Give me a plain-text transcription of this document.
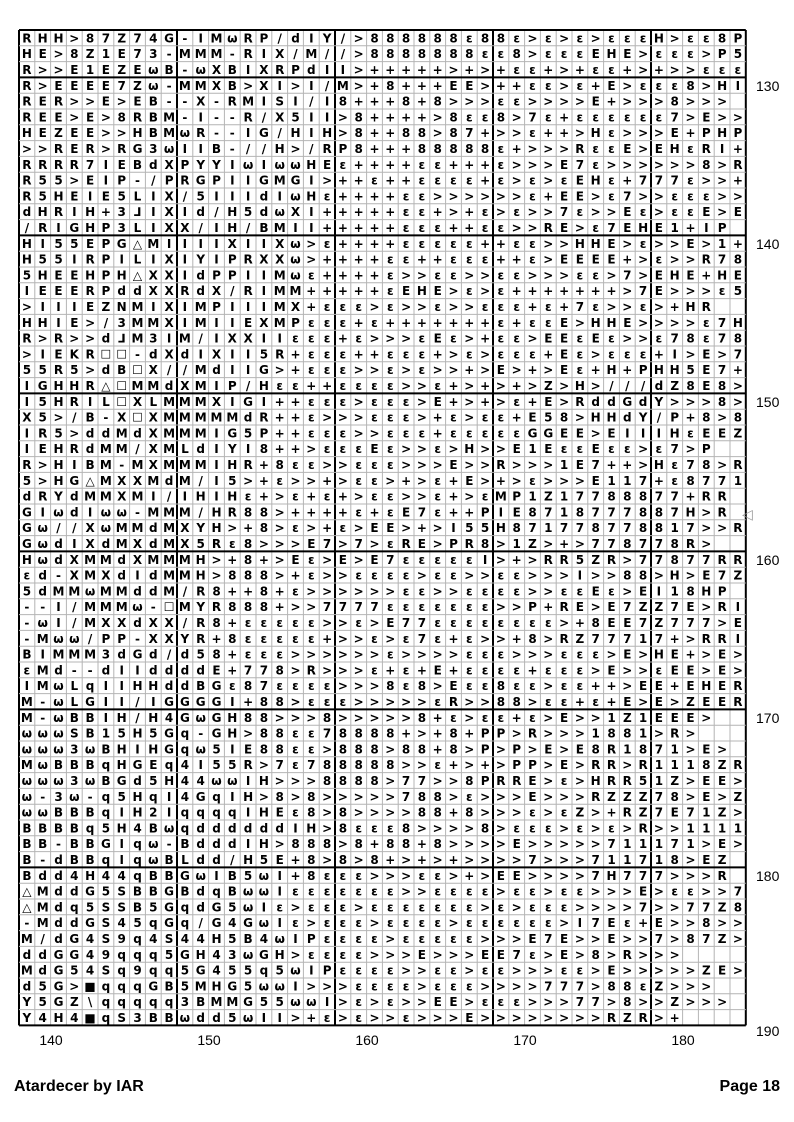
R H H > 8 7 Z 7 4 G - I M ω R P / d I Y / > 8 8 8 8 8 8 ε 8 8 ε > ε > ε > ε ε ε H > ε ε 8 P
H E > 8 Z 1 E 7 3 - M M M - R I X / M / / > 8 8 8 8 8 8 8 ε ε 8 > ε ε ε E H E > ε ε ε > P 5
R > > E 1 E Z E ω B - ω X B I X R P d I I > + + + + + > + > + ε ε + > + ε ε + > + > > ε ε ε
R > E E E E 7 Z ω - M M X B > X I > I / M > + 8 + + + E E > + + ε ε > ε + E > ε ε ε 8 > H I
R E R > > E > E B - - X - R M I S I / I 8 + + + 8 + 8 > > > ε ε > > > > E + > > > 8 > > >
R E E > E > 8 R B M - I - - R / X 5 I I > 8 + + + + > 8 ε ε 8 > 7 ε + ε ε ε ε ε ε 7 > E > >
H E Z E E > > H B M ω R - - I G / H I H > 8 + + 8 8 > 8 7 + > > ε + + > H ε > > > E + P H P
> > R E R > R G 3 ω I I B - / / H > / R P 8 + + + 8 8 8 8 8 ε + > > > R ε ε E > E H ε R I +
R R R R 7 I E B d X P Y Y I ω I ω ω H E ε + + + + ε ε + + + ε > > > E 7 ε > > > > > > 8 > R
R 5 5 > E I P - / P R G P I I G M G I > + + ε + + ε ε ε ε + ε > ε > ε E H ε + 7 7 7 ε > > +
R 5 H E I E 5 L I X / 5 I I I d I ω H ε + + + + ε ε > > > > > > ε + E E > ε 7 > > ε ε ε > >
d H R I H + 3 ⅃ I X I d / H 5 d ω X I + + + + + ε ε + > + ε > ε > > 7 ε > > E ε > ε ε E > E
/ R I G H P 3 L I X X / I H / B M I I + + + + + ε ε ε + + ε ε > > R E > ε 7 E H E 1 + I P
H I 5 5 E P G △ M I I I I X I I X ω > ε + + + + ε ε ε ε ε + + ε ε > > H H E > ε > > E > 1 +
H 5 5 I R P I L I X I Y I P R X X ω > + + + + ε ε + + ε ε ε + + ε > E E E E + > ε > > R 7 8
5 H E E H P H △ X X I d P P I I M ω ε + + + + ε > > ε ε > > ε ε > > > ε ε > 7 > E H E + H E
I E E E R P d d X X R d X / R I M M + + + + + ε E H E > ε > ε + + + + + + + > 7 E > > > ε 5
> I I I E Z N M I X I M P I I I M X + ε ε ε > ε > > ε > > ε ε ε + ε + 7 ε > > ε > + H R
H H I E > / 3 M M X I M I I E X M P ε ε ε + ε + + + + + + + ε + ε ε E > H H E > > > > ε 7 H
R > R > > d ⅃ M 3 I M / I X X I I ε ε ε + ε > > > ε E ε > + ε ε > E E ε E ε > > ε 7 8 ε 7 8
> I E K R ☐ ☐ - d X d I X I I 5 R + ε ε ε + + ε ε ε + > ε > ε ε ε + E ε > ε ε ε + I > E > 7
5 5 R 5 > d B ☐ X / / M d I I G > + ε ε ε > > ε > ε > > + > E > + > E ε + H + P H H 5 E 7 +
I G H H R △ ☐ M M d X M I P / H ε ε + + ε ε ε ε > > ε + > + > + > Z > H > / / / d Z 8 E 8 >
I 5 H R I L ☐ X L M M M X I G I + + ε ε ε > ε ε ε > E + > + > ε + E > R d d G d Y > > > 8 >
X 5 > / B - X ☐ X M M M M M d R + + ε > > > ε ε ε > + ε > ε ε + E 5 8 > H H d Y / P + 8 > 8
I R 5 > d d M d X M M M I G 5 P + + ε ε ε > > ε ε ε + ε ε ε ε ε G G E E > E I I I H ε E E Z
I E H R d M M / X M L d I Y I 8 + + > ε ε ε E ε > > ε > H > > E 1 E ε ε E ε ε > ε 7 > P
R > H I B M - M X M M M I H R + 8 ε ε > > ε ε ε > > > E > > R > > > 1 E 7 + + > H ε 7 8 > R
5 > H G △ M X X M d M / I 5 > + ε > > + > ε ε > + > ε + E > + > ε > > > E 1 1 7 + ε 8 7 7 1
d R Y d M M X M I / I H I H ε + > ε + ε + > ε ε > > ε + > ε M P 1 Z 1 7 7 8 8 8 7 7 + R R
G I ω d I ω ω - M M M / H R 8 8 > + + + + ε + ε E 7 ε + + P I E 8 7 1 8 7 7 7 8 8 7 H > R
G ω / / X ω M M d M X Y H > + 8 > ε > + ε > E E > + > I 5 5 H 8 7 1 7 7 8 7 7 8 8 1 7 > > R
G ω d I X d M X d M X 5 R ε 8 > > > E 7 > 7 > ε R E > P R 8 > 1 Z > + > 7 7 8 7 7 8 R >
H ω d X M M d X M M M H > + 8 + > E ε > E > E 7 ε ε ε ε ε I > + > R R 5 Z R > 7 7 8 7 7 R R
ε d - X M X d I d M M H > 8 8 8 > + ε > > ε ε ε ε > ε ε > > ε ε > > > I > > 8 8 > H > E 7 Z
5 d M M ω M M d d M / R 8 + + 8 + ε > > > > > > ε ε > > ε ε ε ε > > ε ε E ε > E I 1 8 H P
- - I / M M M ω - ☐ M Y R 8 8 8 + > > 7 7 7 7 ε ε ε ε ε ε ε > > P + R E > E 7 Z Z 7 E > R I
- ω I / M X X d X X / R 8 + ε ε ε ε ε > > ε > E 7 7 ε ε ε ε ε ε ε ε > + 8 E E 7 Z 7 7 7 > E
- M ω ω / P P - X X Y R + 8 ε ε ε ε ε + > > ε > ε 7 ε + ε > > + 8 > R Z 7 7 7 1 7 + > R R I
B I M M M 3 d G d / d 5 8 + ε ε ε > > > > > > ε > > > > ε ε ε > > > ε ε ε > E > H E + > E >
ε M d - - d I I d d d d E + 7 7 8 > R > > > ε + ε + E + ε ε ε ε + ε ε ε > E > > ε E E > E >
I M ω L q I I H H d d B G ε 8 7 ε ε ε ε > > > 8 ε 8 > E ε ε 8 ε ε > ε ε + + > E E + E H E R
M - ω L G I I / I G G G G I + 8 8 > ε ε ε > > > > > ε R > > 8 8 > ε ε + ε + E > E > Z E E R
M - ω B B I H / H 4 G ω G H 8 8 > > > 8 > > > > > 8 + ε > ε ε + ε > E > > 1 Z 1 E E E >
ω ω ω S B 1 5 H 5 G q - G H > 8 8 ε ε 7 8 8 8 8 + > + 8 + P P > R > > > 1 8 8 1 > R >
ω ω ω 3 ω B H I H G q ω 5 I E 8 8 ε ε > 8 8 8 > 8 8 + 8 > P > P > E > E 8 R 1 8 7 1 > E >
M ω B B B q H G E q 4 I 5 5 R > 7 ε 7 8 8 8 8 8 > > ε + > + > P P > E > R R > R 1 1 1 8 Z R
ω ω ω 3 ω B G d 5 H 4 4 ω ω I H > > > 8 8 8 8 > 7 7 > > 8 P R R E > ε > H R R 5 1 Z > E E >
ω - 3 ω - q 5 H q I 4 G q I H > 8 > 8 > > > > > 7 8 8 > ε > > > E > > > R Z Z Z 7 8 > E > Z
ω ω B B B q I H 2 I q q q q I H E ε 8 > 8 > > > > 8 8 + 8 > > > ε > ε Z > + R Z 7 E 7 1 Z >
B B B B q 5 H 4 B ω q d d d d d d I H > 8 ε ε ε 8 > > > > 8 > ε ε ε > ε > ε > R > > 1 1 1 1
B B - B B G I q ω - B d d d I H > 8 8 8 > 8 + 8 8 + 8 > > > > E > > > > > 7 1 1 1 7 1 > E >
B - d B B q I q ω B L d d / H 5 E + 8 > 8 > 8 + > + > + > > > > 7 > > > 7 1 1 7 1 8 > E Z
B d d 4 H 4 4 q B B G ω I B 5 ω I + 8 ε ε ε > > > ε ε > + > E E > > > > 7 H 7 7 7 > > > R
△ M d d G 5 S B B G B d q B ω ω I ε ε ε ε ε ε ε > > ε ε ε ε > ε ε > ε ε > > > E > ε ε > > 7
△ M d q 5 S S B 5 G q d G 5 ω I ε > ε ε ε > ε ε ε ε ε ε ε > ε > ε ε ε > > > > 7 > > 7 7 Z 8
- M d d G S 4 5 q G q / G 4 G ω I ε > ε ε ε > ε ε ε ε > ε ε ε ε ε ε > I 7 E ε + E > > 8 > >
M / d G 4 S 9 q 4 S 4 4 H 5 B 4 ω I P ε ε ε ε > ε ε ε ε ε > > > E 7 E > > E > > 7 > 8 7 Z >
d d G G 4 9 q q q 5 G H 4 3 ω G H > ε ε ε ε > > > E > > > E E 7 ε > E > 8 > R > > >
M d G 5 4 S q 9 q q 5 G 4 5 5 q 5 ω I P ε ε ε ε > > ε ε > ε ε > > > ε ε > E > > > > > Z E >
d 5 G > ■ q q q G B 5 M H G 5 ω ω I > > > ε ε ε ε > ε ε ε > > > > 7 7 7 > 8 8 ε Z > > >
Y 5 G Z \ q q q q q 3 B M M G 5 5 ω ω I > ε > ε > > E E > ε ε ε > > > 7 7 > 8 > > Z > > >
Y 4 H 4 ■ q S 3 B B ω d d 5 ω I I > + ε > ε > > ε > > > E > > > > > > > > R Z R > +
140	150	160	170	180
130
140
150
160
170
180
190
◁
Atardecer by IAR	Page 18
